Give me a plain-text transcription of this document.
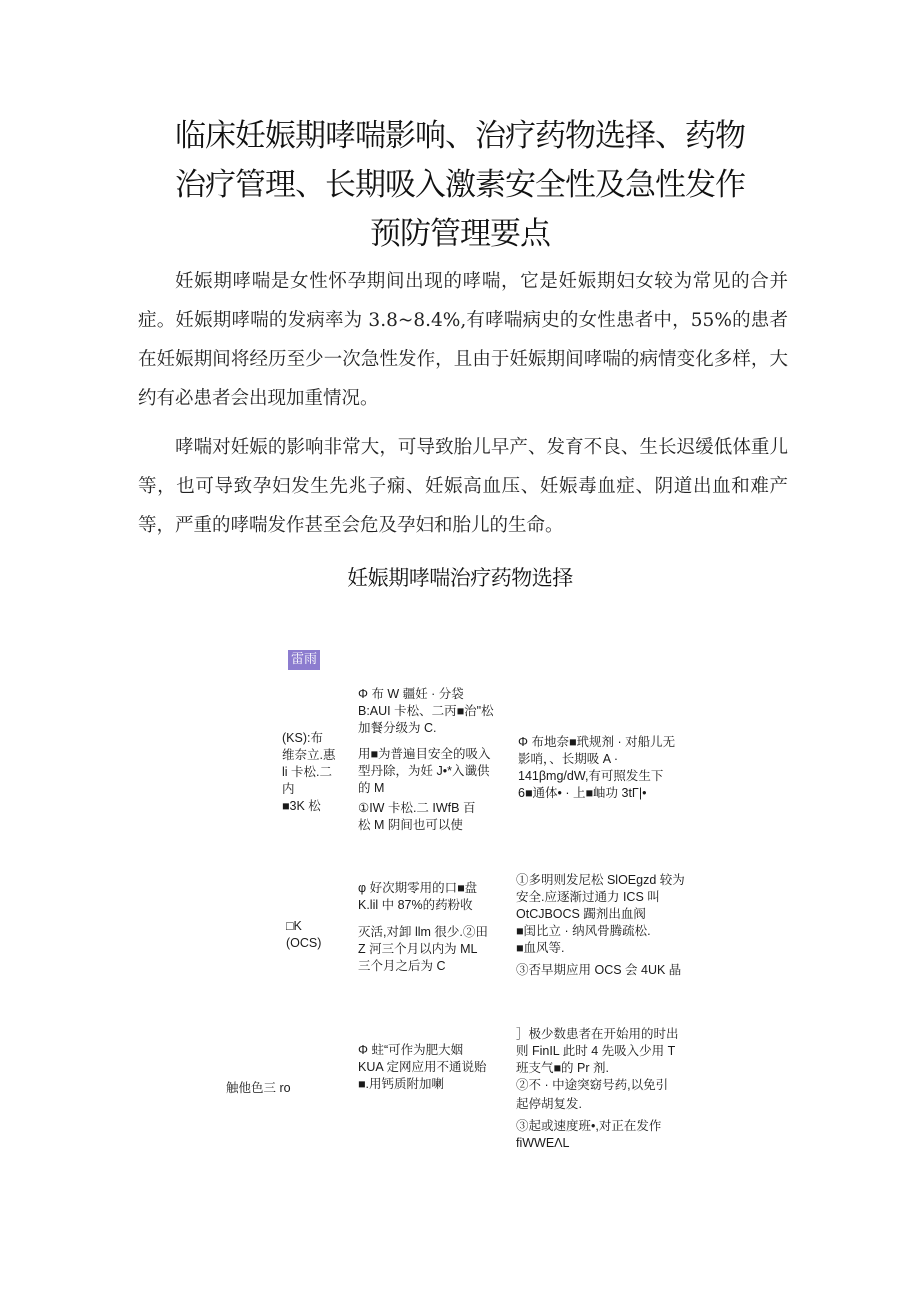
临床妊娠期哮喘影响、治疗药物选择、药物
治疗管理、长期吸入激素安全性及急性发作
预防管理要点

妊娠期哮喘是女性怀孕期间出现的哮喘，它是妊娠期妇女较为常见的合并症。妊娠期哮喘的发病率为 3.8~8.4%,有哮喘病史的女性患者中，55%的患者在妊娠期间将经历至少一次急性发作，且由于妊娠期间哮喘的病情变化多样，大约有必患者会出现加重情况。

哮喘对妊娠的影响非常大，可导致胎儿早产、发育不良、生长迟缓低体重儿等，也可导致孕妇发生先兆子痫、妊娠高血压、妊娠毒血症、阴道出血和难产等，严重的哮喘发作甚至会危及孕妇和胎儿的生命。

妊娠期哮喘治疗药物选择
雷雨
(KS):布
维奈立.惠
li 卡松.二
内
■3K 松
Φ 布 W 疆妊 · 分袋
B:AUI 卡松、二丙■治"松
加餐分级为 C.
用■为普遍目安全的吸入
型丹除，为妊 J•*入谶供
的 M
①IW 卡松.二 IWfB 百
松 M 阴间也可以使
Φ 布地奈■玳规剂 · 对船儿无
影哨，、长期吸 A ·
141βmg/dW,有可照发生下
6■通体• · 上■岫功 3tΓ|•
□K
(OCS)
φ 好次期零用的口■盘
K.lil 中 87%的药粉收
灭活,对卸 llm 很少.②田
Z 河三个月以内为 ML
三个月之后为 C
①多明则发尼松 SlOEgzd 较为
安全.应逐渐过通力 ICS 叫
OtCJBOCS 躅剂出血阀
■闺比立 · 纳风骨腾疏松.
■血风等.
③否早期应用 OCS 会 4UK 晶
触他色三 ro
Φ 蛀“可作为肥大姻
KUA 定网应用不通说贻
■.用钙质附加喇
］极少数患者在开始用的时出
则 FinIL 此时 4 先吸入少用 T
班支气■的 Pr 剂.
②不 · 中途突窈号药,以免引
起停胡复发.
③起或速度班•,对正在发作
fiWWEΛL
